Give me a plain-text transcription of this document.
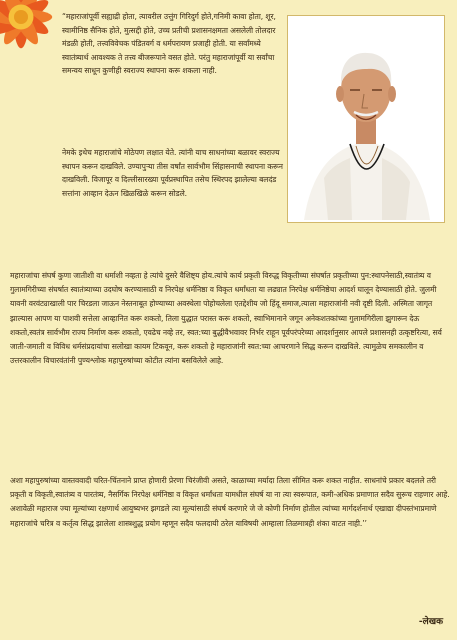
“महाराजांपूर्वी सह्याद्री होता, त्यावरील उत्तुंग गिरिदुर्ग होते,गनिमी कावा होता, शूर, स्वामीनिष्ठ सैनिक होते, मुत्सद्दी होते, उच्च प्रतीची प्रशासनक्षमता असलेली तोलदार मंडळी होती, तत्त्वविवेचक पंडितवर्ग व धर्मपरायण प्रजाही होती. या सर्वांमध्ये स्वातंत्र्यार्थ आवश्यक ते तत्त्व बीजरूपाने वसत होते. परंतु महाराजांपूर्वी या सर्वांचा समन्वय साधून कुणीही स्वराज्य स्थापना करू शकला नाही.
नेमके इथेच महाराजांचे मोठेपण लक्षात येते. त्यांनी याच साधनांच्या बळावर स्वराज्य स्थापन करून दाखविले. उण्यापुऱ्या तीस वर्षांत सार्वभौम सिंहासनाची स्थापना करून दाखविली. विजापूर व दिल्लीसारख्या पूर्वप्रस्थापित तसेच स्थिरपद झालेल्या बलदंड सत्तांना आव्हान देऊन खिळखिळे करून सोडले.
महाराजांचा संघर्ष कुणा जातीशी वा धर्माशी नव्हता हे त्यांचे दुसरे वैशिष्ट्य होय.त्यांचे कार्य प्रकृती विरुद्ध विकृतीच्या संघर्षात प्रकृतीच्या पुन:स्थापनेसाठी,स्वातंत्र्य व गुलामगिरीच्या संघर्षात स्वातंत्र्याच्या उदघोष करण्यासाठी व निरपेक्ष धर्मनिष्ठा व विकृत धर्मांधता या लढ्यात निरपेक्ष धर्मनिष्ठेचा आदर्श घालून देण्यासाठी होते. जुलमी यावनी वरवंट्याखाली पार चिरडला जाऊन नेस्तनाबूत होण्याच्या अवस्थेला पोहोचलेला एतद्देशीय जो हिंदू समाज,त्याला महाराजांनी नवी दृष्टी दिली. अस्मिता जागृत झाल्यास आपण या पाशवी सत्तेला आव्हानित करू शकतो, तिला युद्धात परास्त करू शकतो, स्वाभिमानाने जगून अनेकशतकांच्या गुलामगिरीला झुगारून देऊ शकतो,स्वतंत्र सार्वभौम राज्य निर्माण करू शकतो, एवढेच नव्हे तर, स्वत:च्या बुद्धीवैभवावर निर्भर राहून पूर्वपरंपरेच्या आदर्शानुसार आपले प्रशासनही उत्कृष्टरित्या, सर्व जाती-जमाती व विविध धर्मसंप्रदायांचा सलोखा कायम टिकवून, करू शकतो हे महाराजांनी स्वत:च्या आचरणाने सिद्ध करून दाखविले. त्यामुळेच समकालीन व उत्तरकालीन विचारवंतांनी पुण्यश्लोक महापुरुषांच्या कोटीत त्यांना बसविलेले आहे.
अशा महापुरुषांच्या वास्तववादी चरित-चिंतनाने प्राप्त होणारी प्रेरणा चिरंजीवी असते, काळाच्या मर्यादा तिला सीमित करू शकत नाहीत. साधनांचे प्रकार बदलले तरी प्रकृती व विकृती,स्वातंत्र्य व पारतंत्र्य, नैसर्गिक निरपेक्ष धर्मनिष्ठा व विकृत धर्मांधता यामधील संघर्ष या ना त्या स्वरूपात, कमी-अधिक प्रमाणात सदैव सुरूच राहणार आहे. अशावेळी महाराज ज्या मूल्यांच्या रक्षणार्थ आयुष्यभर झगडले त्या मूल्यांसाठी संघर्ष करणारे जे जे कोणी निर्माण होतील त्यांच्या मार्गदर्शनार्थ एखाद्या दीपस्तंभाप्रमाणे महाराजांचे चरित्र व कर्तृत्व सिद्ध झालेला शास्त्रशुद्ध प्रयोग म्हणून सदैव फलदायी ठरेल याविषयी आम्हाला तिळमात्रही शंका वाटत नाही.’’
-लेखक
